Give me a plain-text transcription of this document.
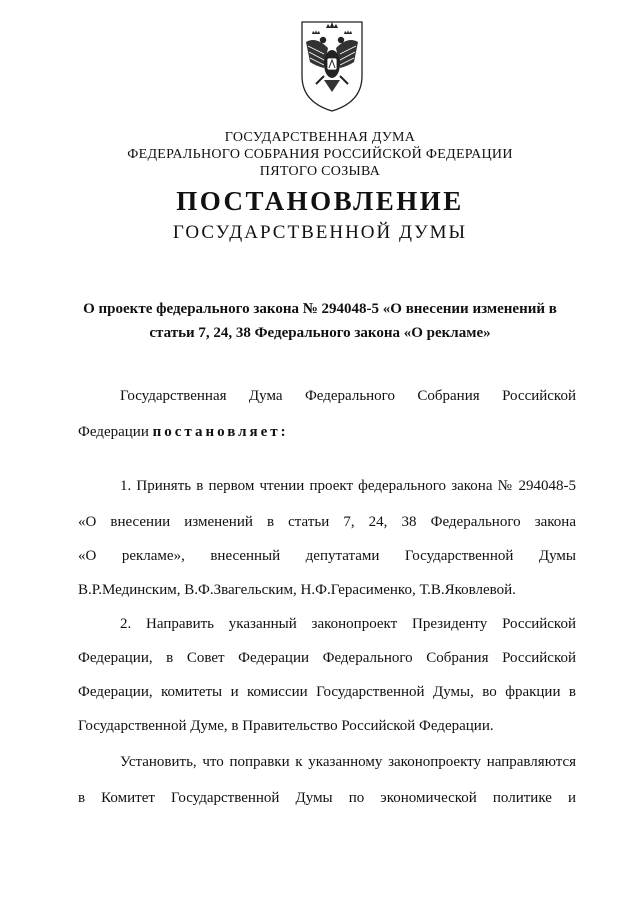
ГОСУДАРСТВЕННАЯ ДУМА
ФЕДЕРАЛЬНОГО СОБРАНИЯ РОССИЙСКОЙ ФЕДЕРАЦИИ
ПЯТОГО СОЗЫВА
ПОСТАНОВЛЕНИЕ
ГОСУДАРСТВЕННОЙ ДУМЫ
О проекте федерального закона № 294048-5 «О внесении изменений в
статьи 7, 24, 38 Федерального закона «О рекламе»
Государственная Дума Федерального Собрания Российской
Федерации постановляет:
1. Принять в первом чтении проект федерального закона № 294048-5
«О внесении изменений в статьи 7, 24, 38 Федерального закона
«О рекламе», внесенный депутатами Государственной Думы
В.Р.Мединским, В.Ф.Звагельским, Н.Ф.Герасименко, Т.В.Яковлевой.
2. Направить указанный законопроект Президенту Российской
Федерации, в Совет Федерации Федерального Собрания Российской
Федерации, комитеты и комиссии Государственной Думы, во фракции в
Государственной Думе, в Правительство Российской Федерации.
Установить, что поправки к указанному законопроекту направляются
в Комитет Государственной Думы по экономической политике и
